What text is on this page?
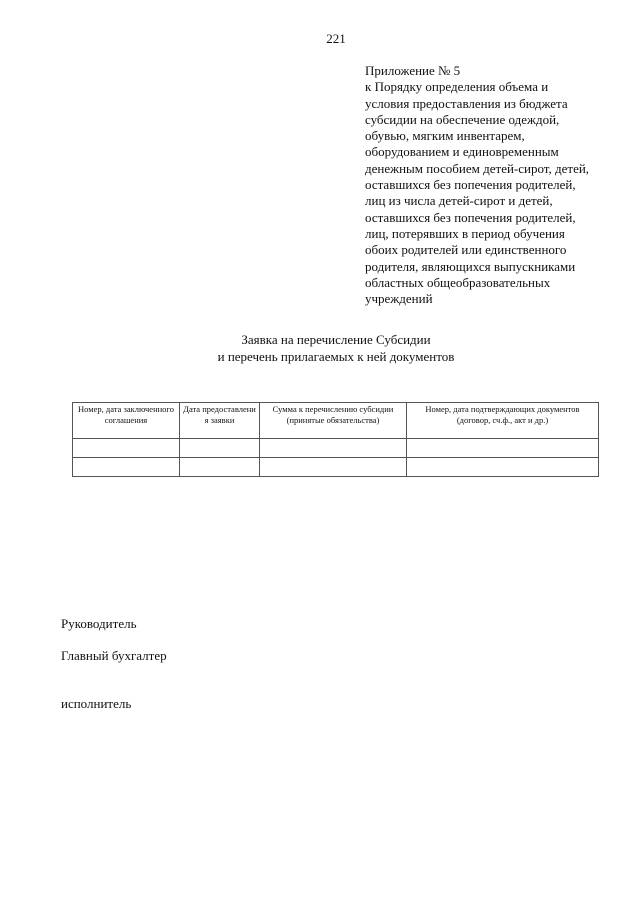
221
Приложение № 5
к Порядку определения объема и
условия предоставления из бюджета
субсидии на обеспечение одеждой,
обувью, мягким инвентарем,
оборудованием и единовременным
денежным пособием детей-сирот, детей,
оставшихся без попечения родителей,
лиц из числа детей-сирот и детей,
оставшихся без попечения родителей,
лиц, потерявших в период обучения
обоих родителей или единственного
родителя, являющихся выпускниками
областных общеобразовательных
учреждений
Заявка на перечисление Субсидии
и перечень прилагаемых к ней документов
Номер, дата заключенного соглашения	Дата предоставлени я заявки	Сумма к перечислению субсидии (принятые обязательства)	Номер, дата подтверждающих документов (договор, сч.ф., акт и др.)

Руководитель
Главный бухгалтер
исполнитель
